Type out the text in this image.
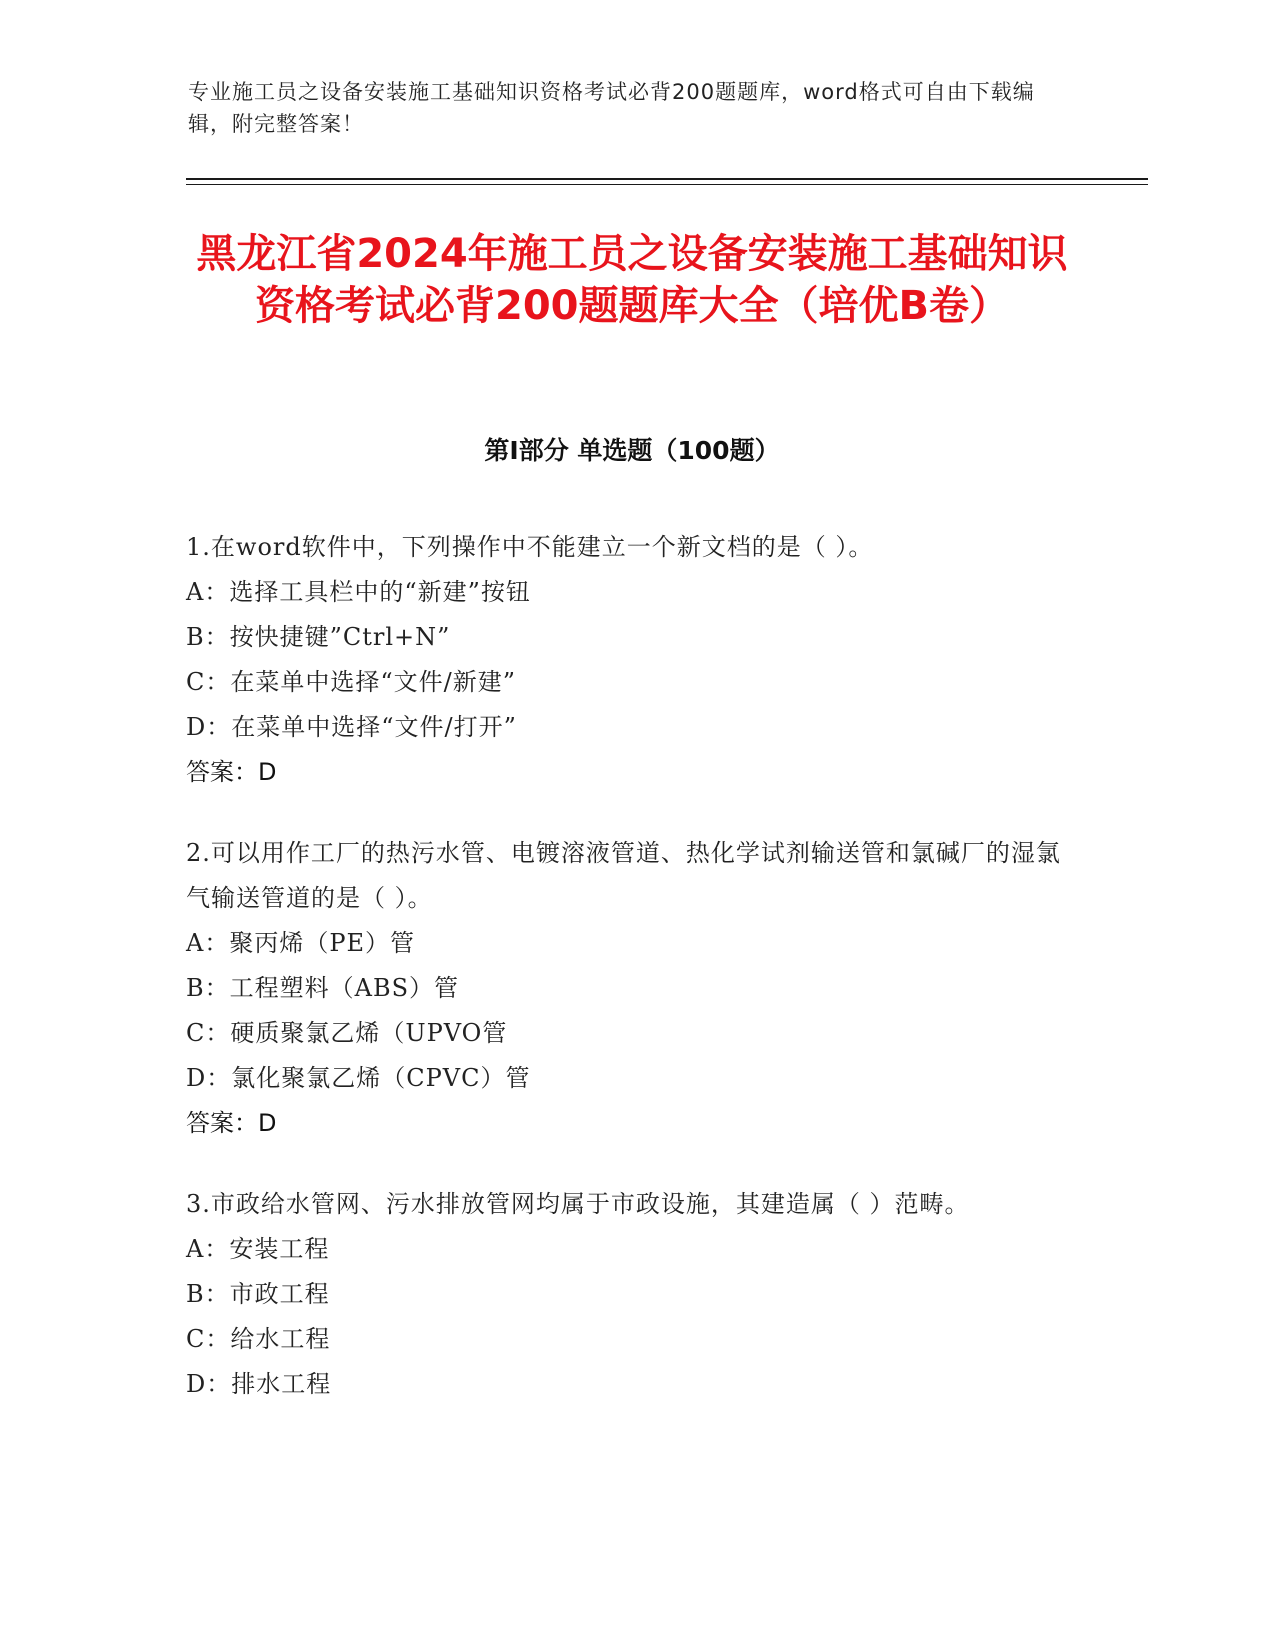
专业施工员之设备安装施工基础知识资格考试必背200题题库，word格式可自由下载编辑，附完整答案！
黑龙江省2024年施工员之设备安装施工基础知识资格考试必背200题题库大全（培优B卷）
第I部分 单选题（100题）
1.在word软件中，下列操作中不能建立一个新文档的是（ ）。
A：选择工具栏中的“新建”按钮
B：按快捷键”Ctrl+N”
C：在菜单中选择“文件/新建”
D：在菜单中选择“文件/打开”
答案：D
2.可以用作工厂的热污水管、电镀溶液管道、热化学试剂输送管和氯碱厂的湿氯气输送管道的是（ ）。
A：聚丙烯（PE）管
B：工程塑料（ABS）管
C：硬质聚氯乙烯（UPVO管
D：氯化聚氯乙烯（CPVC）管
答案：D
3.市政给水管网、污水排放管网均属于市政设施，其建造属（ ）范畴。
A：安装工程
B：市政工程
C：给水工程
D：排水工程
